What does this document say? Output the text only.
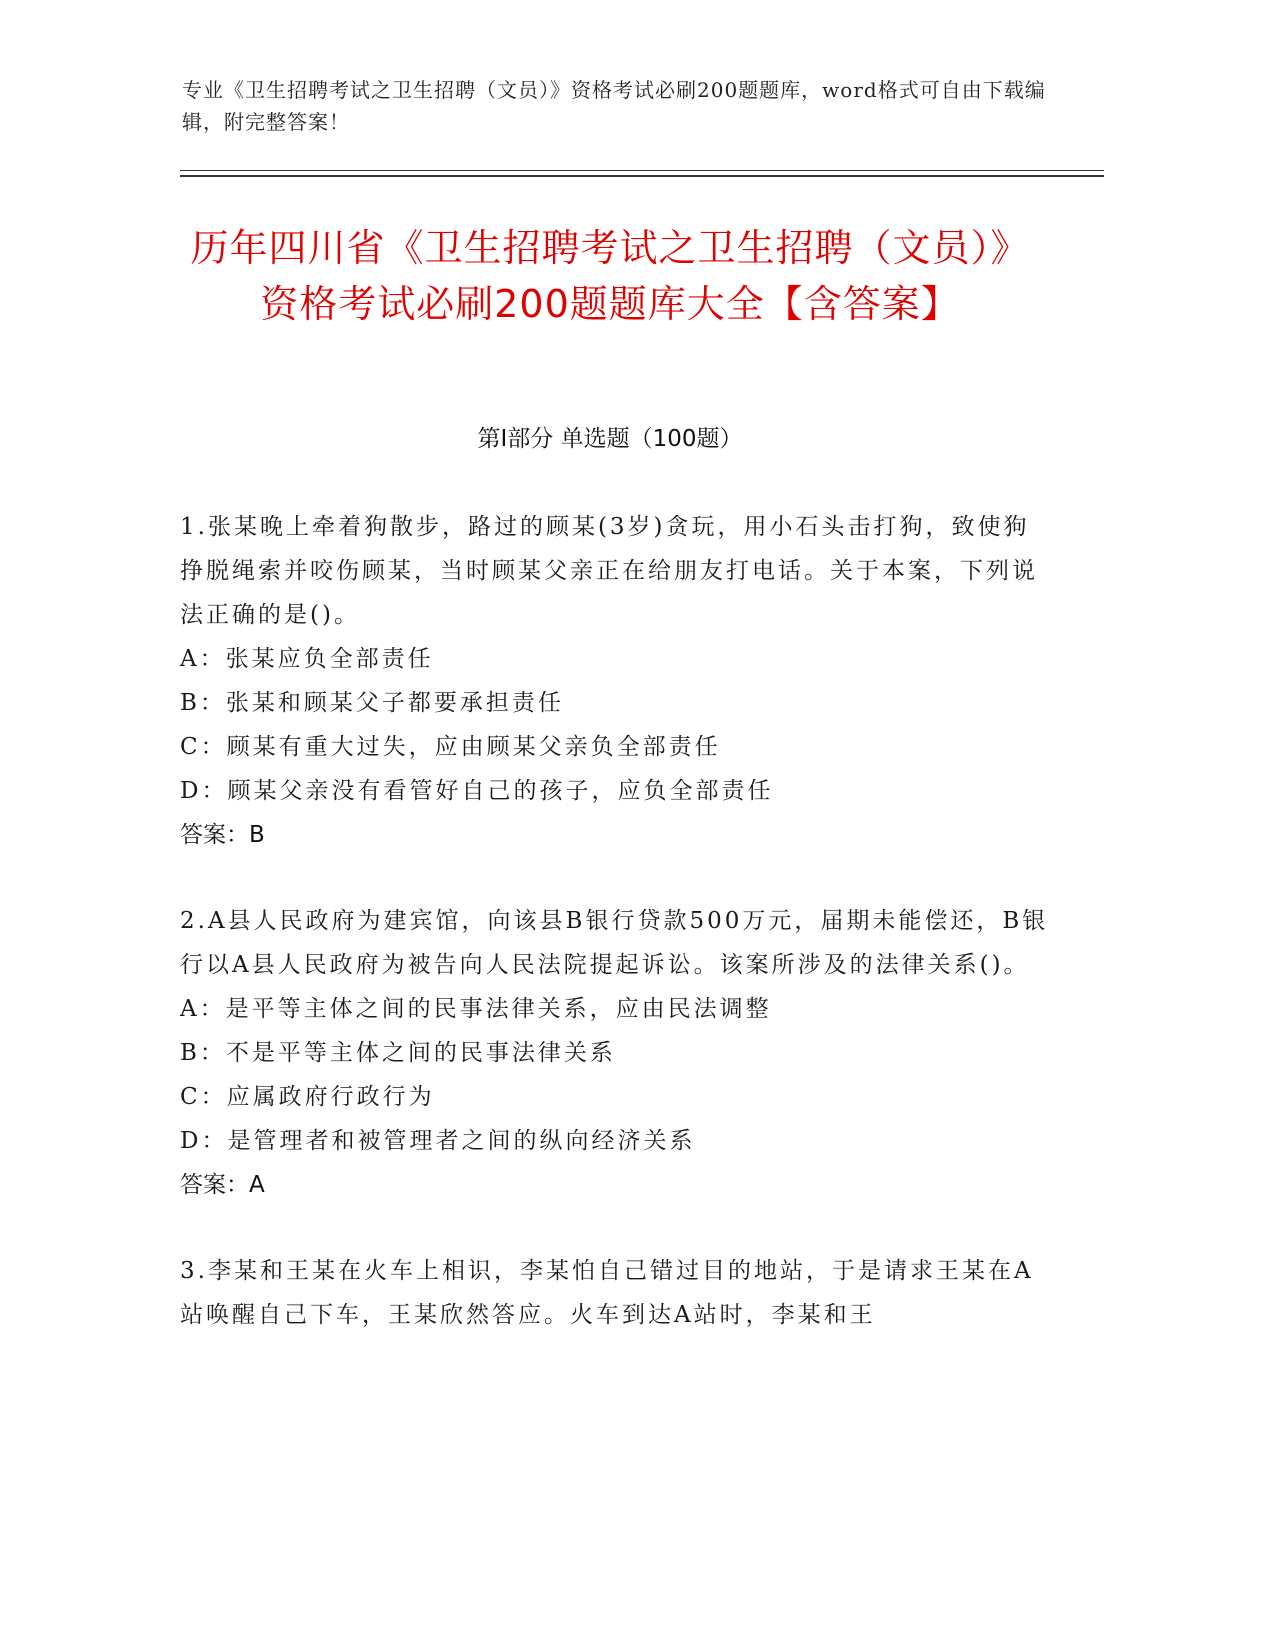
专业《卫生招聘考试之卫生招聘（文员）》资格考试必刷200题题库，word格式可自由下载编辑，附完整答案！
历年四川省《卫生招聘考试之卫生招聘（文员）》资格考试必刷200题题库大全【含答案】
第I部分 单选题（100题）
1.张某晚上牵着狗散步，路过的顾某(3岁)贪玩，用小石头击打狗，致使狗挣脱绳索并咬伤顾某，当时顾某父亲正在给朋友打电话。关于本案，下列说法正确的是()。
A：张某应负全部责任
B：张某和顾某父子都要承担责任
C：顾某有重大过失，应由顾某父亲负全部责任
D：顾某父亲没有看管好自己的孩子，应负全部责任
答案：B
2.A县人民政府为建宾馆，向该县B银行贷款500万元，届期未能偿还，B银行以A县人民政府为被告向人民法院提起诉讼。该案所涉及的法律关系()。
A：是平等主体之间的民事法律关系，应由民法调整
B：不是平等主体之间的民事法律关系
C：应属政府行政行为
D：是管理者和被管理者之间的纵向经济关系
答案：A
3.李某和王某在火车上相识，李某怕自己错过目的地站，于是请求王某在A站唤醒自己下车，王某欣然答应。火车到达A站时，李某和王
